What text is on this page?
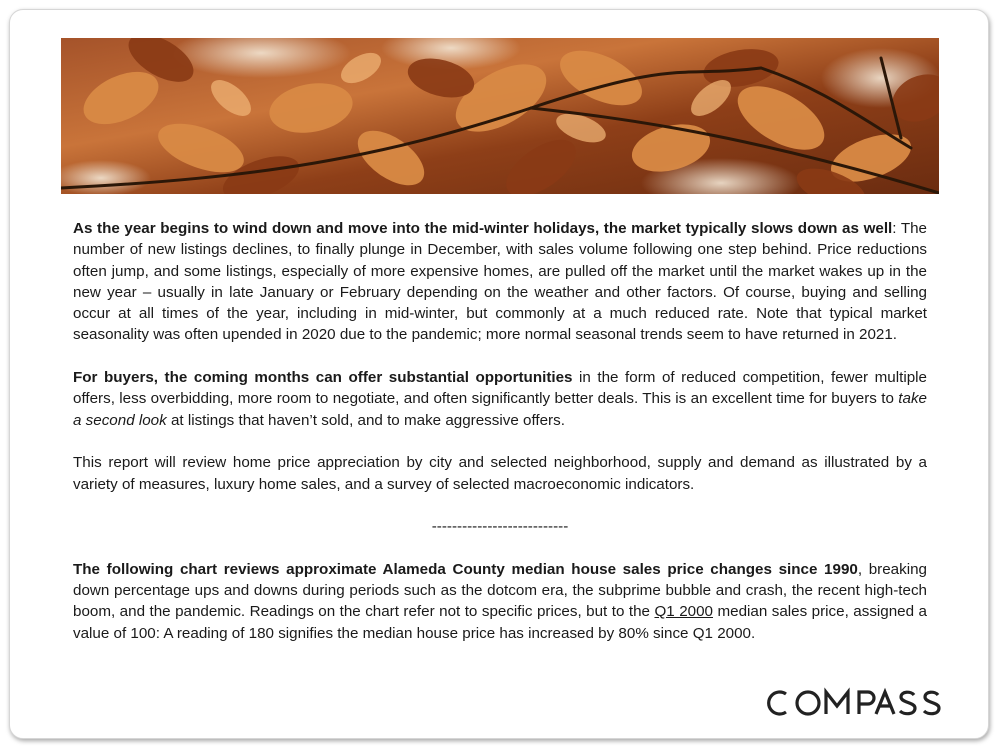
As the year begins to wind down and move into the mid-winter holidays, the market typically slows down as well: The number of new listings declines, to finally plunge in December, with sales volume following one step behind. Price reductions often jump, and some listings, especially of more expensive homes, are pulled off the market until the market wakes up in the new year – usually in late January or February depending on the weather and other factors. Of course, buying and selling occur at all times of the year, including in mid-winter, but commonly at a much reduced rate. Note that typical market seasonality was often upended in 2020 due to the pandemic; more normal seasonal trends seem to have returned in 2021.

For buyers, the coming months can offer substantial opportunities in the form of reduced competition, fewer multiple offers, less overbidding, more room to negotiate, and often significantly better deals. This is an excellent time for buyers to take a second look at listings that haven’t sold, and to make aggressive offers.

This report will review home price appreciation by city and selected neighborhood, supply and demand as illustrated by a variety of measures, luxury home sales, and a survey of selected macroeconomic indicators.

---------------------------

The following chart reviews approximate Alameda County median house sales price changes since 1990, breaking down percentage ups and downs during periods such as the dotcom era, the subprime bubble and crash, the recent high-tech boom, and the pandemic. Readings on the chart refer not to specific prices, but to the Q1 2000 median sales price, assigned a value of 100: A reading of 180 signifies the median house price has increased by 80% since Q1 2000.

COMPASS
